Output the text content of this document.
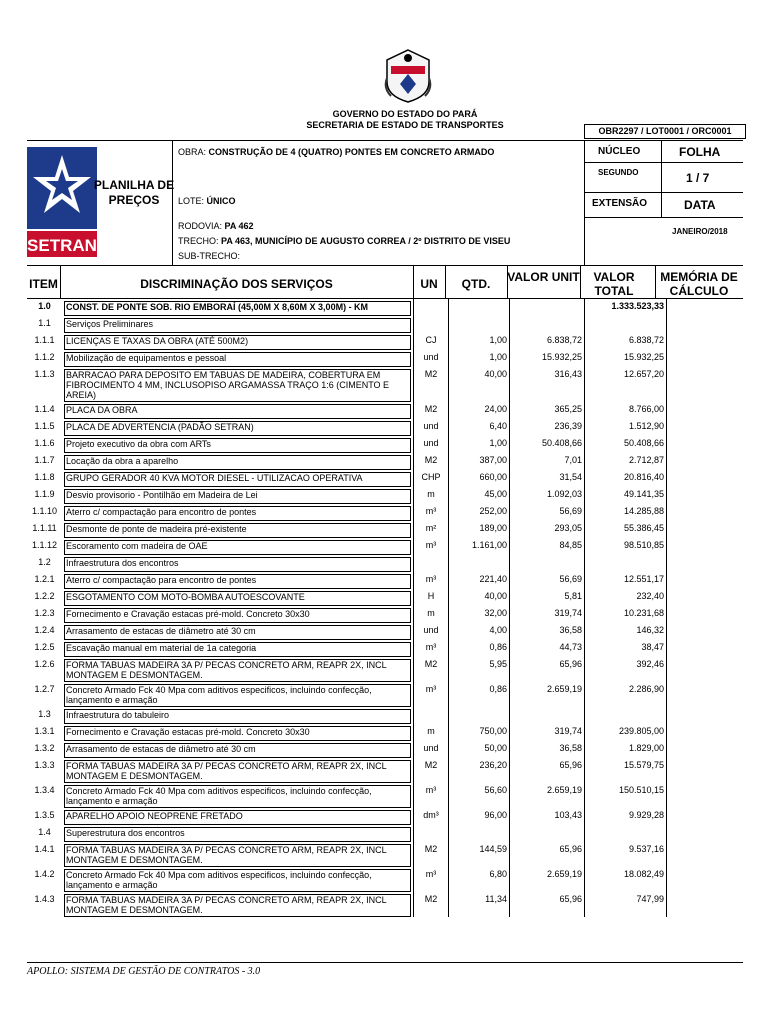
GOVERNO DO ESTADO DO PARÁ
SECRETARIA DE ESTADO DE TRANSPORTES
OBR2297 / LOT0001 / ORC0001
SETRAN
PLANILHA DE PREÇOS
OBRA: CONSTRUÇÃO DE 4 (QUATRO) PONTES EM CONCRETO ARMADO
LOTE: ÚNICO
RODOVIA: PA 462
TRECHO: PA 463, MUNICÍPIO DE AUGUSTO CORREA / 2º DISTRITO DE VISEU
SUB-TRECHO:
NÚCLEO	FOLHA
SEGUNDO	1 / 7
EXTENSÃO	DATA
JANEIRO/2018
ITEM	DISCRIMINAÇÃO DOS SERVIÇOS	UN	QTD.	VALOR UNIT	VALOR TOTAL
MEMÓRIA DE CÁLCULO
1.0	CONST. DE PONTE SOB. RIO EMBORAÍ (45,00M X 8,60M X 3,00M) - KM				1.333.523,33	
1.1	Serviços Preliminares					

1.1.1	LICENÇAS E TAXAS DA OBRA (ATÉ 500M2)	CJ	1,00	6.838,72	6.838,72	
1.1.2	Mobilização de equipamentos e pessoal	und	1,00	15.932,25	15.932,25	
1.1.3	BARRACAO PARA DEPOSITO EM TABUAS DE MADEIRA, COBERTURA EM FIBROCIMENTO 4 MM, INCLUSOPISO ARGAMASSA TRAÇO 1:6 (CIMENTO E AREIA)	M2	40,00	316,43	12.657,20	
1.1.4	PLACA DA OBRA	M2	24,00	365,25	8.766,00	
1.1.5	PLACA DE ADVERTENCIA (PADÃO SETRAN)	und	6,40	236,39	1.512,90	
1.1.6	Projeto executivo da obra com ARTs	und	1,00	50.408,66	50.408,66	
1.1.7	Locação da obra a aparelho	M2	387,00	7,01	2.712,87	
1.1.8	GRUPO GERADOR 40 KVA MOTOR DIESEL - UTILIZACAO OPERATIVA	CHP	660,00	31,54	20.816,40	
1.1.9	Desvio provisorio - Pontilhão em Madeira de Lei	m	45,00	1.092,03	49.141,35	
1.1.10	Aterro c/ compactação para encontro de pontes	m³	252,00	56,69	14.285,88	
1.1.11	Desmonte de ponte de madeira pré-existente	m²	189,00	293,05	55.386,45	
1.1.12	Escoramento com madeira de OAE	m³	1.161,00	84,85	98.510,85	
1.2	Infraestrutura dos encontros					

1.2.1	Aterro c/ compactação para encontro de pontes	m³	221,40	56,69	12.551,17	
1.2.2	ESGOTAMENTO COM MOTO-BOMBA AUTOESCOVANTE	H	40,00	5,81	232,40	
1.2.3	Fornecimento e Cravação estacas pré-mold. Concreto 30x30	m	32,00	319,74	10.231,68	
1.2.4	Arrasamento de estacas de diâmetro até 30 cm	und	4,00	36,58	146,32	
1.2.5	Escavação manual em material de 1a categoria	m³	0,86	44,73	38,47	
1.2.6	FORMA TABUAS MADEIRA 3A P/ PECAS CONCRETO ARM, REAPR 2X, INCL MONTAGEM E DESMONTAGEM.	M2	5,95	65,96	392,46	
1.2.7	Concreto Armado Fck 40 Mpa com aditivos especificos, incluindo confecção, lançamento e armação	m³	0,86	2.659,19	2.286,90	
1.3	Infraestrutura do tabuleiro					

1.3.1	Fornecimento e Cravação estacas pré-mold. Concreto 30x30	m	750,00	319,74	239.805,00	
1.3.2	Arrasamento de estacas de diâmetro até 30 cm	und	50,00	36,58	1.829,00	
1.3.3	FORMA TABUAS MADEIRA 3A P/ PECAS CONCRETO ARM, REAPR 2X, INCL MONTAGEM E DESMONTAGEM.	M2	236,20	65,96	15.579,75	
1.3.4	Concreto Armado Fck 40 Mpa com aditivos especificos, incluindo confecção, lançamento e armação	m³	56,60	2.659,19	150.510,15	
1.3.5	APARELHO APOIO NEOPRENE FRETADO	dm³	96,00	103,43	9.929,28	
1.4	Superestrutura dos encontros					

1.4.1	FORMA TABUAS MADEIRA 3A P/ PECAS CONCRETO ARM, REAPR 2X, INCL MONTAGEM E DESMONTAGEM.	M2	144,59	65,96	9.537,16	
1.4.2	Concreto Armado Fck 40 Mpa com aditivos especificos, incluindo confecção, lançamento e armação	m³	6,80	2.659,19	18.082,49	
1.4.3	FORMA TABUAS MADEIRA 3A P/ PECAS CONCRETO ARM, REAPR 2X, INCL MONTAGEM E DESMONTAGEM.	M2	11,34	65,96	747,99	
APOLLO: SISTEMA DE GESTÃO DE CONTRATOS - 3.0
